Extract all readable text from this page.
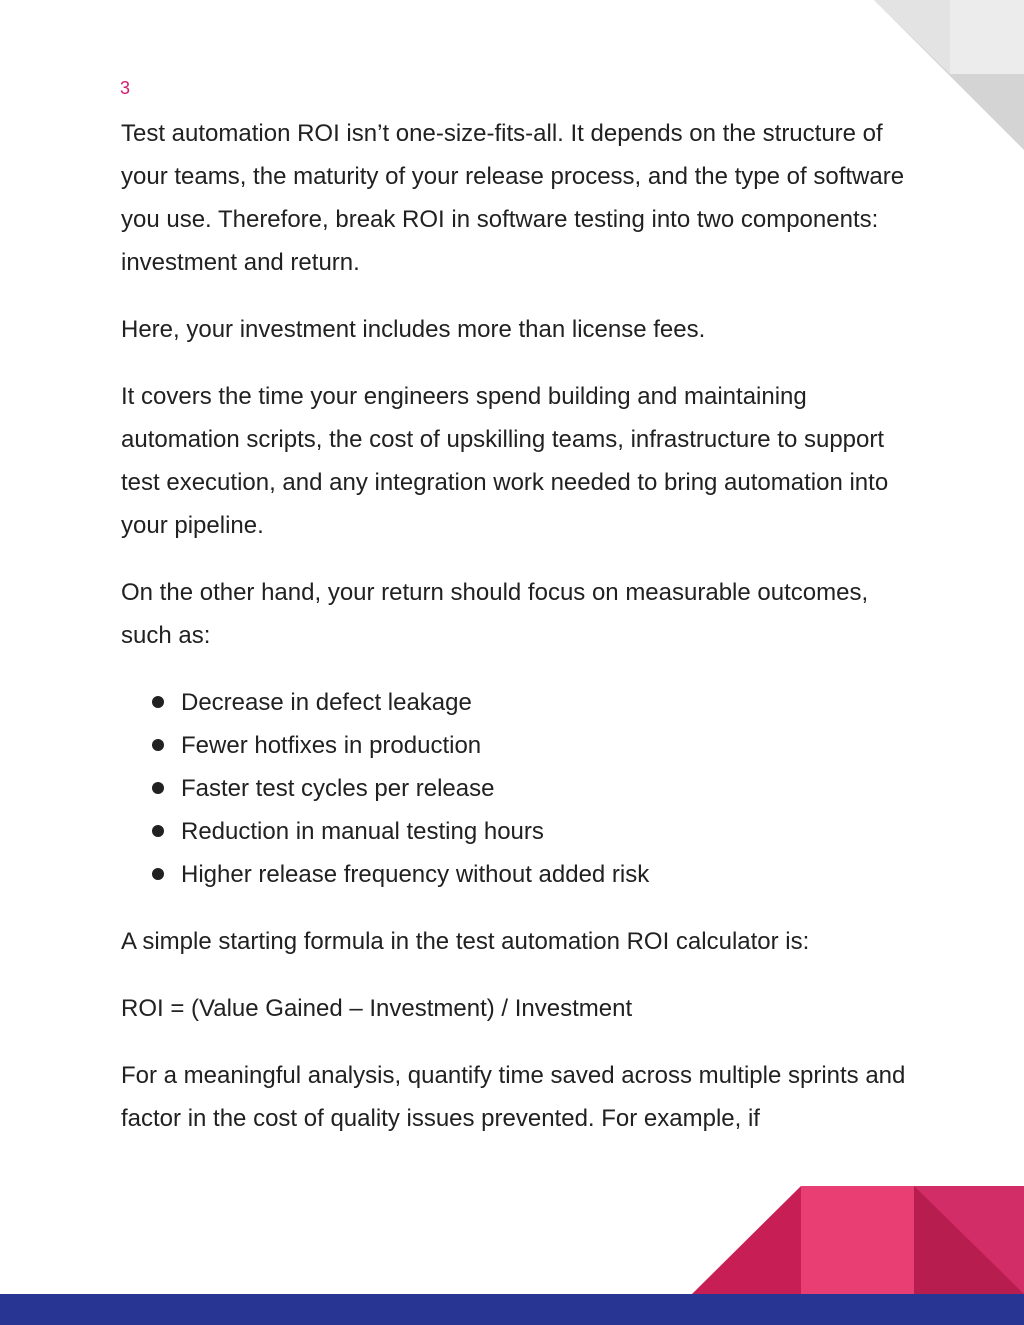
3

Test automation ROI isn’t one-size-fits-all. It depends on the structure of your teams, the maturity of your release process, and the type of software you use. Therefore, break ROI in software testing into two components: investment and return.

Here, your investment includes more than license fees.

It covers the time your engineers spend building and maintaining automation scripts, the cost of upskilling teams, infrastructure to support test execution, and any integration work needed to bring automation into your pipeline.

On the other hand, your return should focus on measurable outcomes, such as:

Decrease in defect leakage
Fewer hotfixes in production
Faster test cycles per release
Reduction in manual testing hours
Higher release frequency without added risk

A simple starting formula in the test automation ROI calculator is:

ROI = (Value Gained – Investment) / Investment

For a meaningful analysis, quantify time saved across multiple sprints and factor in the cost of quality issues prevented. For example, if
